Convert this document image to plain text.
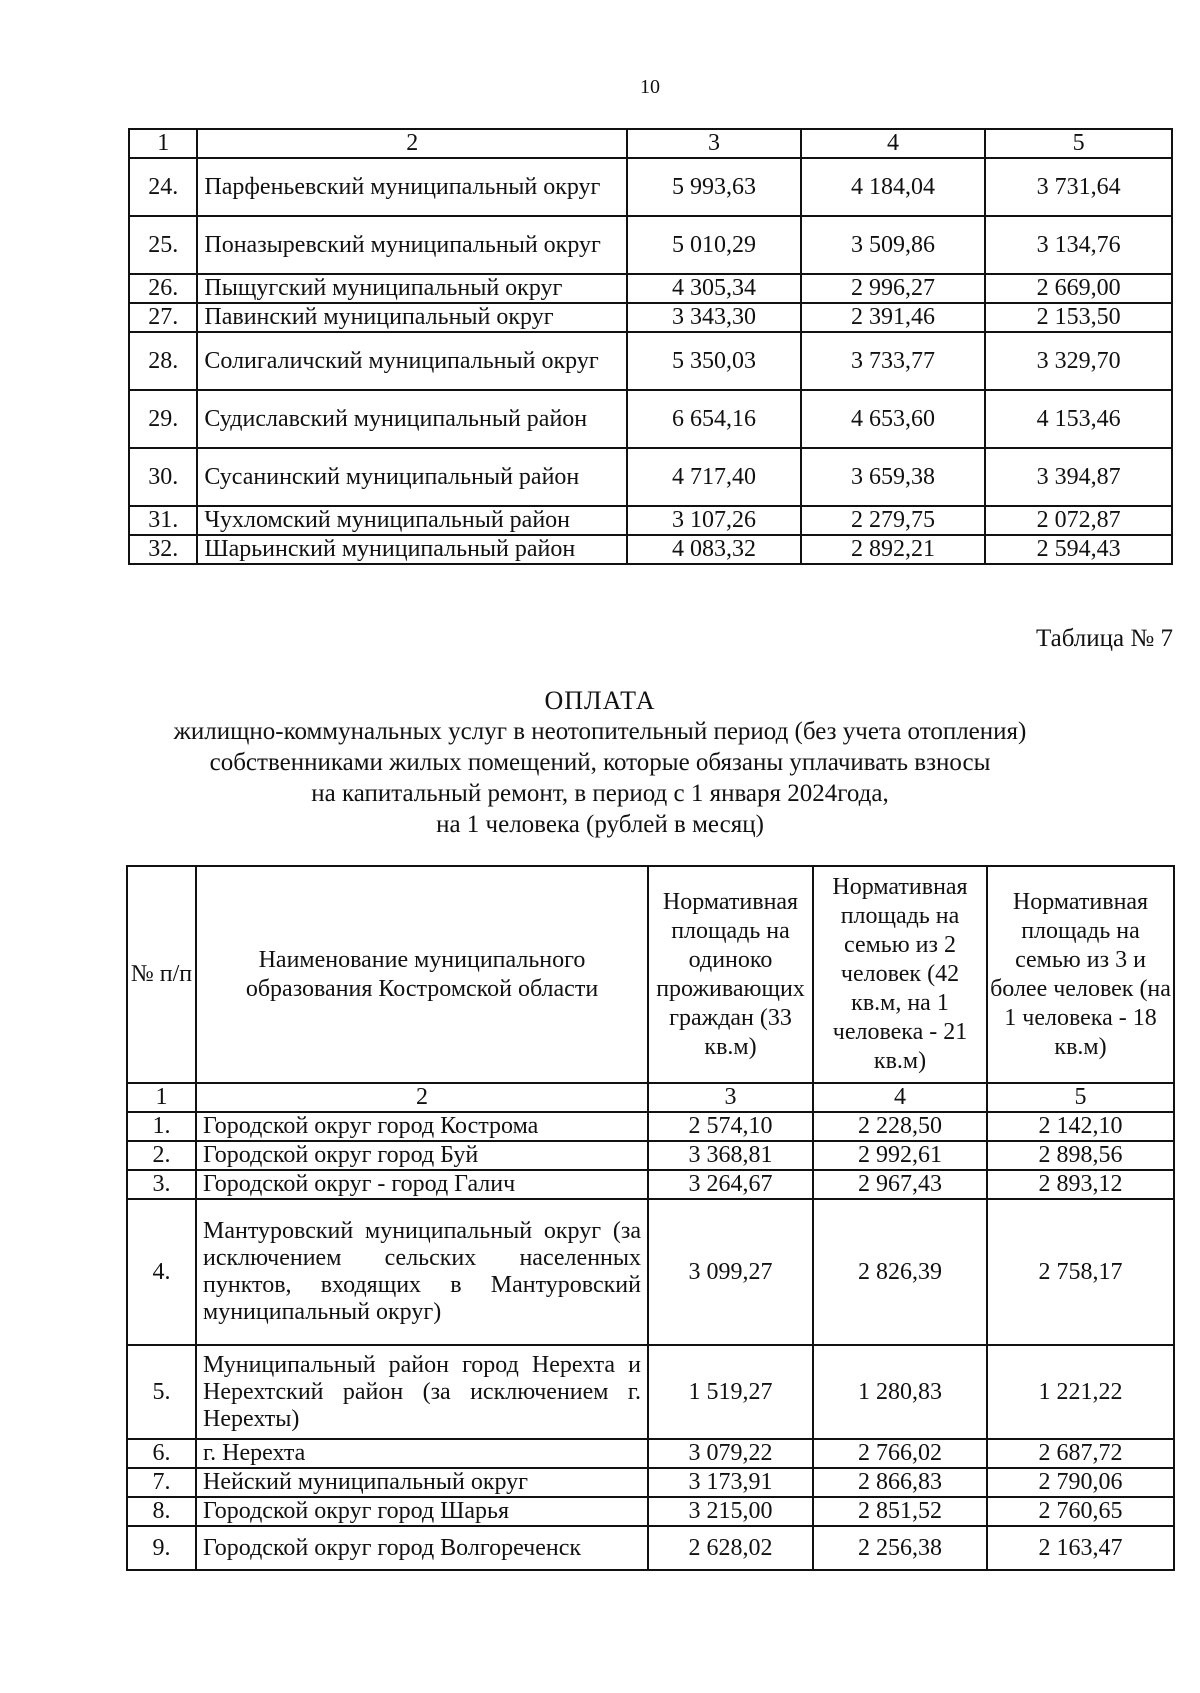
10
1	2	3	4	5
24.	Парфеньевский муниципальный округ	5 993,63	4 184,04	3 731,64
25.	Поназыревский муниципальный округ	5 010,29	3 509,86	3 134,76
26.	Пыщугский муниципальный округ	4 305,34	2 996,27	2 669,00
27.	Павинский муниципальный округ	3 343,30	2 391,46	2 153,50
28.	Солигаличский муниципальный округ	5 350,03	3 733,77	3 329,70
29.	Судиславский муниципальный район	6 654,16	4 653,60	4 153,46
30.	Сусанинский муниципальный район	4 717,40	3 659,38	3 394,87
31.	Чухломский муниципальный район	3 107,26	2 279,75	2 072,87
32.	Шарьинский муниципальный район	4 083,32	2 892,21	2 594,43
Таблица № 7
ОПЛАТА
жилищно-коммунальных услуг в неотопительный период (без учета отопления)
собственниками жилых помещений, которые обязаны уплачивать взносы
на капитальный ремонт, в период с 1 января 2024года,
на 1 человека (рублей в месяц)
№ п/п	Наименование муниципального образования Костромской области	Нормативная площадь на одиноко проживающих граждан (33 кв.м)	Нормативная площадь на семью из 2 человек (42 кв.м, на 1 человека - 21 кв.м)	Нормативная площадь на семью из 3 и более человек (на 1 человека - 18 кв.м)
1	2	3	4	5
1.	Городской округ город Кострома	2 574,10	2 228,50	2 142,10
2.	Городской округ город Буй	3 368,81	2 992,61	2 898,56
3.	Городской округ - город Галич	3 264,67	2 967,43	2 893,12
4.	Мантуровский муниципальный округ (за исключением сельских населенных пунктов, входящих в Мантуровский муниципальный округ)	3 099,27	2 826,39	2 758,17
5.	Муниципальный район город Нерехта и Нерехтский район (за исключением г. Нерехты)	1 519,27	1 280,83	1 221,22
6.	г. Нерехта	3 079,22	2 766,02	2 687,72
7.	Нейский муниципальный округ	3 173,91	2 866,83	2 790,06
8.	Городской округ город Шарья	3 215,00	2 851,52	2 760,65
9.	Городской округ город Волгореченск	2 628,02	2 256,38	2 163,47
